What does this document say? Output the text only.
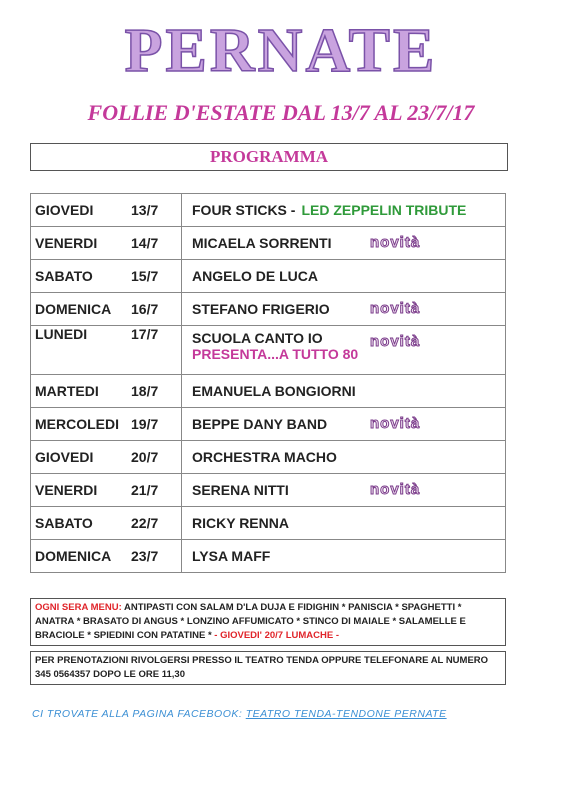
PERNATE
FOLLIE D'ESTATE DAL 13/7 AL 23/7/17
PROGRAMMA
GIOVEDI 13/7	FOUR STICKS - LED ZEPPELIN TRIBUTE
VENERDI 14/7	MICAELA SORRENTI novità

SABATO 15/7	ANGELO DE LUCA
DOMENICA 16/7	STEFANO FRIGERIO novità

LUNEDI 17/7	SCUOLA CANTO IO
PRESENTA...A TUTTO 80
novità

MARTEDI 18/7	EMANUELA BONGIORNI
MERCOLEDI 19/7	BEPPE DANY BAND novità

GIOVEDI 20/7	ORCHESTRA MACHO
VENERDI 21/7	SERENA NITTI novità

SABATO 22/7	RICKY RENNA
DOMENICA 23/7	LYSA MAFF
OGNI SERA MENU: ANTIPASTI CON SALAM D'LA DUJA E FIDIGHIN * PANISCIA * SPAGHETTI * ANATRA * BRASATO DI ANGUS * LONZINO AFFUMICATO * STINCO DI MAIALE * SALAMELLE E BRACIOLE * SPIEDINI CON PATATINE * - GIOVEDI' 20/7 LUMACHE -
PER PRENOTAZIONI RIVOLGERSI PRESSO IL TEATRO TENDA OPPURE TELEFONARE AL NUMERO
345 0564357 DOPO LE ORE 11,30
CI TROVATE ALLA PAGINA FACEBOOK: TEATRO TENDA-TENDONE PERNATE
